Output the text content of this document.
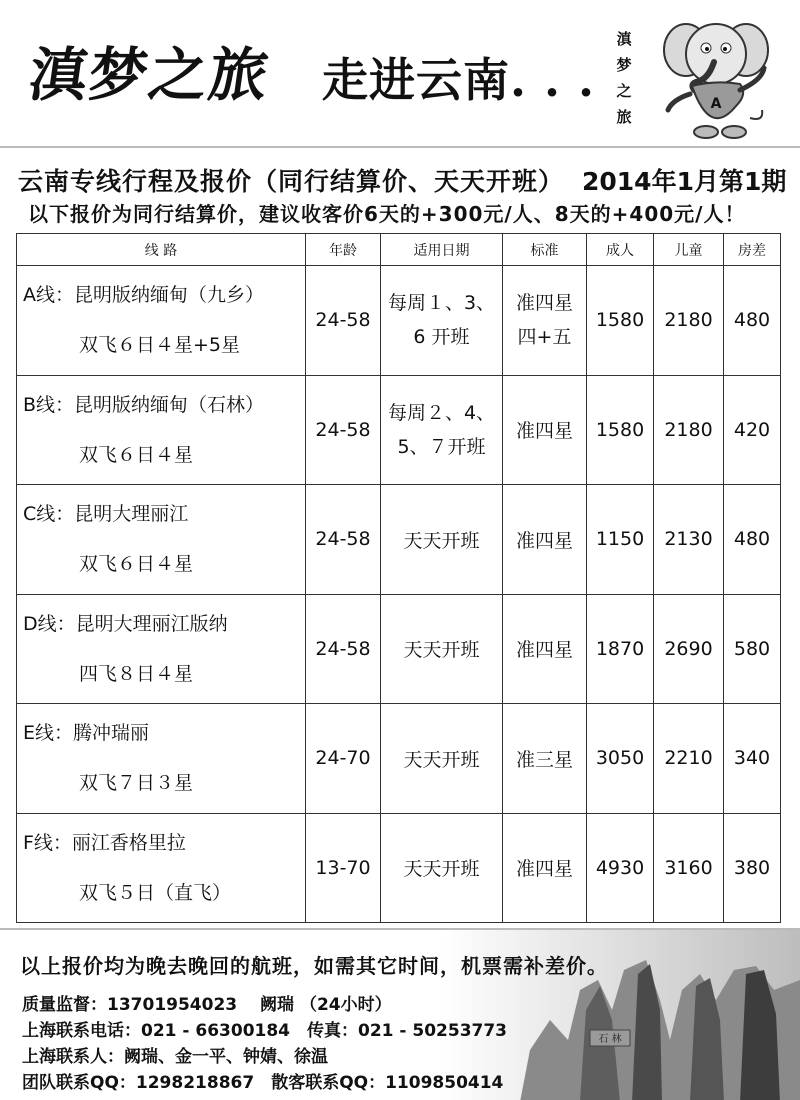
滇梦之旅 走进云南. . .
滇梦之旅
A
云南专线行程及报价（同行结算价、天天开班） 2014年1月第1期
以下报价为同行结算价，建议收客价6天的+300元/人、8天的+400元/人！
线 路	年龄	适用日期	标准	成人	儿童	房差

A线：昆明版纳缅甸（九乡）
双飞６日４星+5星	24-58	每周１、3、
6 开班	准四星
四+五	1580	2180	480

B线：昆明版纳缅甸（石林）
双飞６日４星	24-58	每周２、4、
5、７开班	准四星	1580	2180	420

C线：昆明大理丽江
双飞６日４星	24-58	天天开班	准四星	1150	2130	480

D线：昆明大理丽江版纳
四飞８日４星	24-58	天天开班	准四星	1870	2690	580

E线：腾冲瑞丽
双飞７日３星	24-70	天天开班	准三星	3050	2210	340

F线：丽江香格里拉
双飞５日（直飞）	13-70	天天开班	准四星	4930	3160	380
石 林
以上报价均为晚去晚回的航班，如需其它时间，机票需补差价。
质量监督：13701954023　 阙瑞 （24小时）
上海联系电话：021 - 66300184　传真：021 - 50253773
上海联系人：阙瑞、金一平、钟婧、徐温
团队联系QQ：1298218867　散客联系QQ：1109850414
